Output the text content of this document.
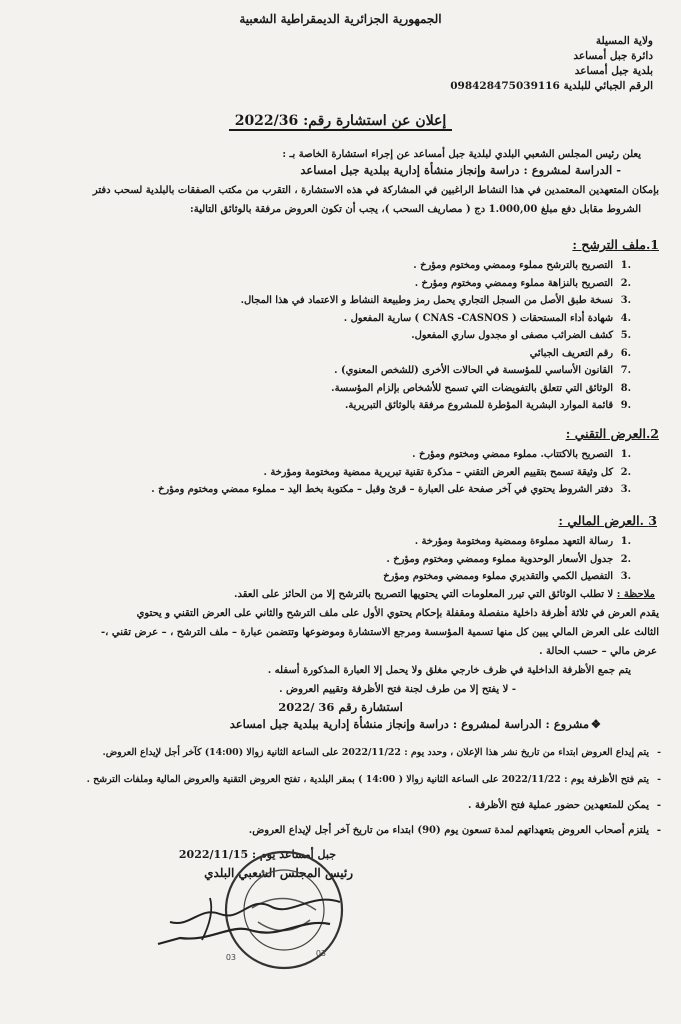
الجمهورية الجزائرية الديمقراطية الشعبية
ولاية المسيلة
دائرة جبل أمساعد
بلدية جبل أمساعد
الرقم الجبائي للبلدية 098428475039116
إعلان عن استشارة رقم: 2022/36
يعلن رئيس المجلس الشعبي البلدي لبلدية جبل أمساعد عن إجراء استشارة الخاصة بـ :
- الدراسة لمشروع : دراسة وإنجاز منشأة إدارية ببلدية جبل امساعد
بإمكان المتعهدين المعتمدين في هذا النشاط الراغبين في المشاركة في هذه الاستشارة ، التقرب من مكتب الصفقات بالبلدية لسحب دفتر
الشروط مقابل دفع مبلغ 1.000,00 دج ( مصاريف السحب )، يجب أن تكون العروض مرفقة بالوثائق التالية:
1.ملف الترشح :
.1التصريح بالترشح مملوء وممضي ومختوم ومؤرخ .
.2التصريح بالنزاهة مملوء وممضي ومختوم ومؤرخ .
.3نسخة طبق الأصل من السجل التجاري يحمل رمز وطبيعة النشاط و الاعتماد في هذا المجال.
.4شهادة أداء المستحقات ( CNAS -CASNOS ) سارية المفعول .
.5كشف الضرائب مصفى او مجدول ساري المفعول.
.6رقم التعريف الجبائي
.7القانون الأساسي للمؤسسة في الحالات الأخرى (للشخص المعنوي) .
.8الوثائق التي تتعلق بالتفويضات التي تسمح للأشخاص بإلزام المؤسسة.
.9قائمة الموارد البشرية المؤطرة للمشروع مرفقة بالوثائق التبريرية.
2.العرض التقني :
.1التصريح بالاكتتاب. مملوء ممضي ومختوم ومؤرخ .
.2كل وثيقة تسمح بتقييم العرض التقني – مذكرة تقنية تبريرية ممضية ومختومة ومؤرخة .
.3دفتر الشروط يحتوي في آخر صفحة على العبارة – قرئ وقبل – مكتوبة بخط اليد – مملوء ممضي ومختوم ومؤرخ .
3 .العرض المالي :
.1رسالة التعهد مملوءة وممضية ومختومة ومؤرخة .
.2جدول الأسعار الوحدوية مملوء وممضي ومختوم ومؤرخ .
.3التفصيل الكمي والتقديري مملوء وممضي ومختوم ومؤرخ
ملاحظة : لا تطلب الوثائق التي تبرر المعلومات التي يحتويها التصريح بالترشح إلا من الحائز على العقد.
يقدم العرض في ثلاثة أظرفة داخلية منفصلة ومقفلة بإحكام يحتوي الأول على ملف الترشح والثاني على العرض التقني و يحتوي
الثالث على العرض المالي يبين كل منها تسمية المؤسسة ومرجع الاستشارة وموضوعها وتتضمن عبارة – ملف الترشح ، – عرض تقني ،-
عرض مالي – حسب الحالة .
يتم جمع الأظرفة الداخلية في ظرف خارجي مغلق ولا يحمل إلا العبارة المذكورة أسفله .
- لا يفتح إلا من طرف لجنة فتح الأظرفة وتقييم العروض .
استشارة رقم 36 /2022
❖مشروع : الدراسة لمشروع : دراسة وإنجاز منشأة إدارية ببلدية جبل امساعد
-يتم إيداع العروض ابتداء من تاريخ نشر هذا الإعلان ، وحدد يوم : 2022/11/22 على الساعة الثانية زوالا (14:00) كآخر أجل لإيداع العروض.
-يتم فتح الأظرفة يوم : 2022/11/22 على الساعة الثانية زوالا ( 14:00 ) بمقر البلدية ، تفتح العروض التقنية والعروض المالية وملفات الترشح .
-يمكن للمتعهدين حضور عملية فتح الأظرفة .
-يلتزم أصحاب العروض بتعهداتهم لمدة تسعون يوم (90) ابتداء من تاريخ آخر أجل لإيداع العروض.
جبل أمساعد يوم : 2022/11/15
رئيس المجلس الشعبي البلدي
03	03
